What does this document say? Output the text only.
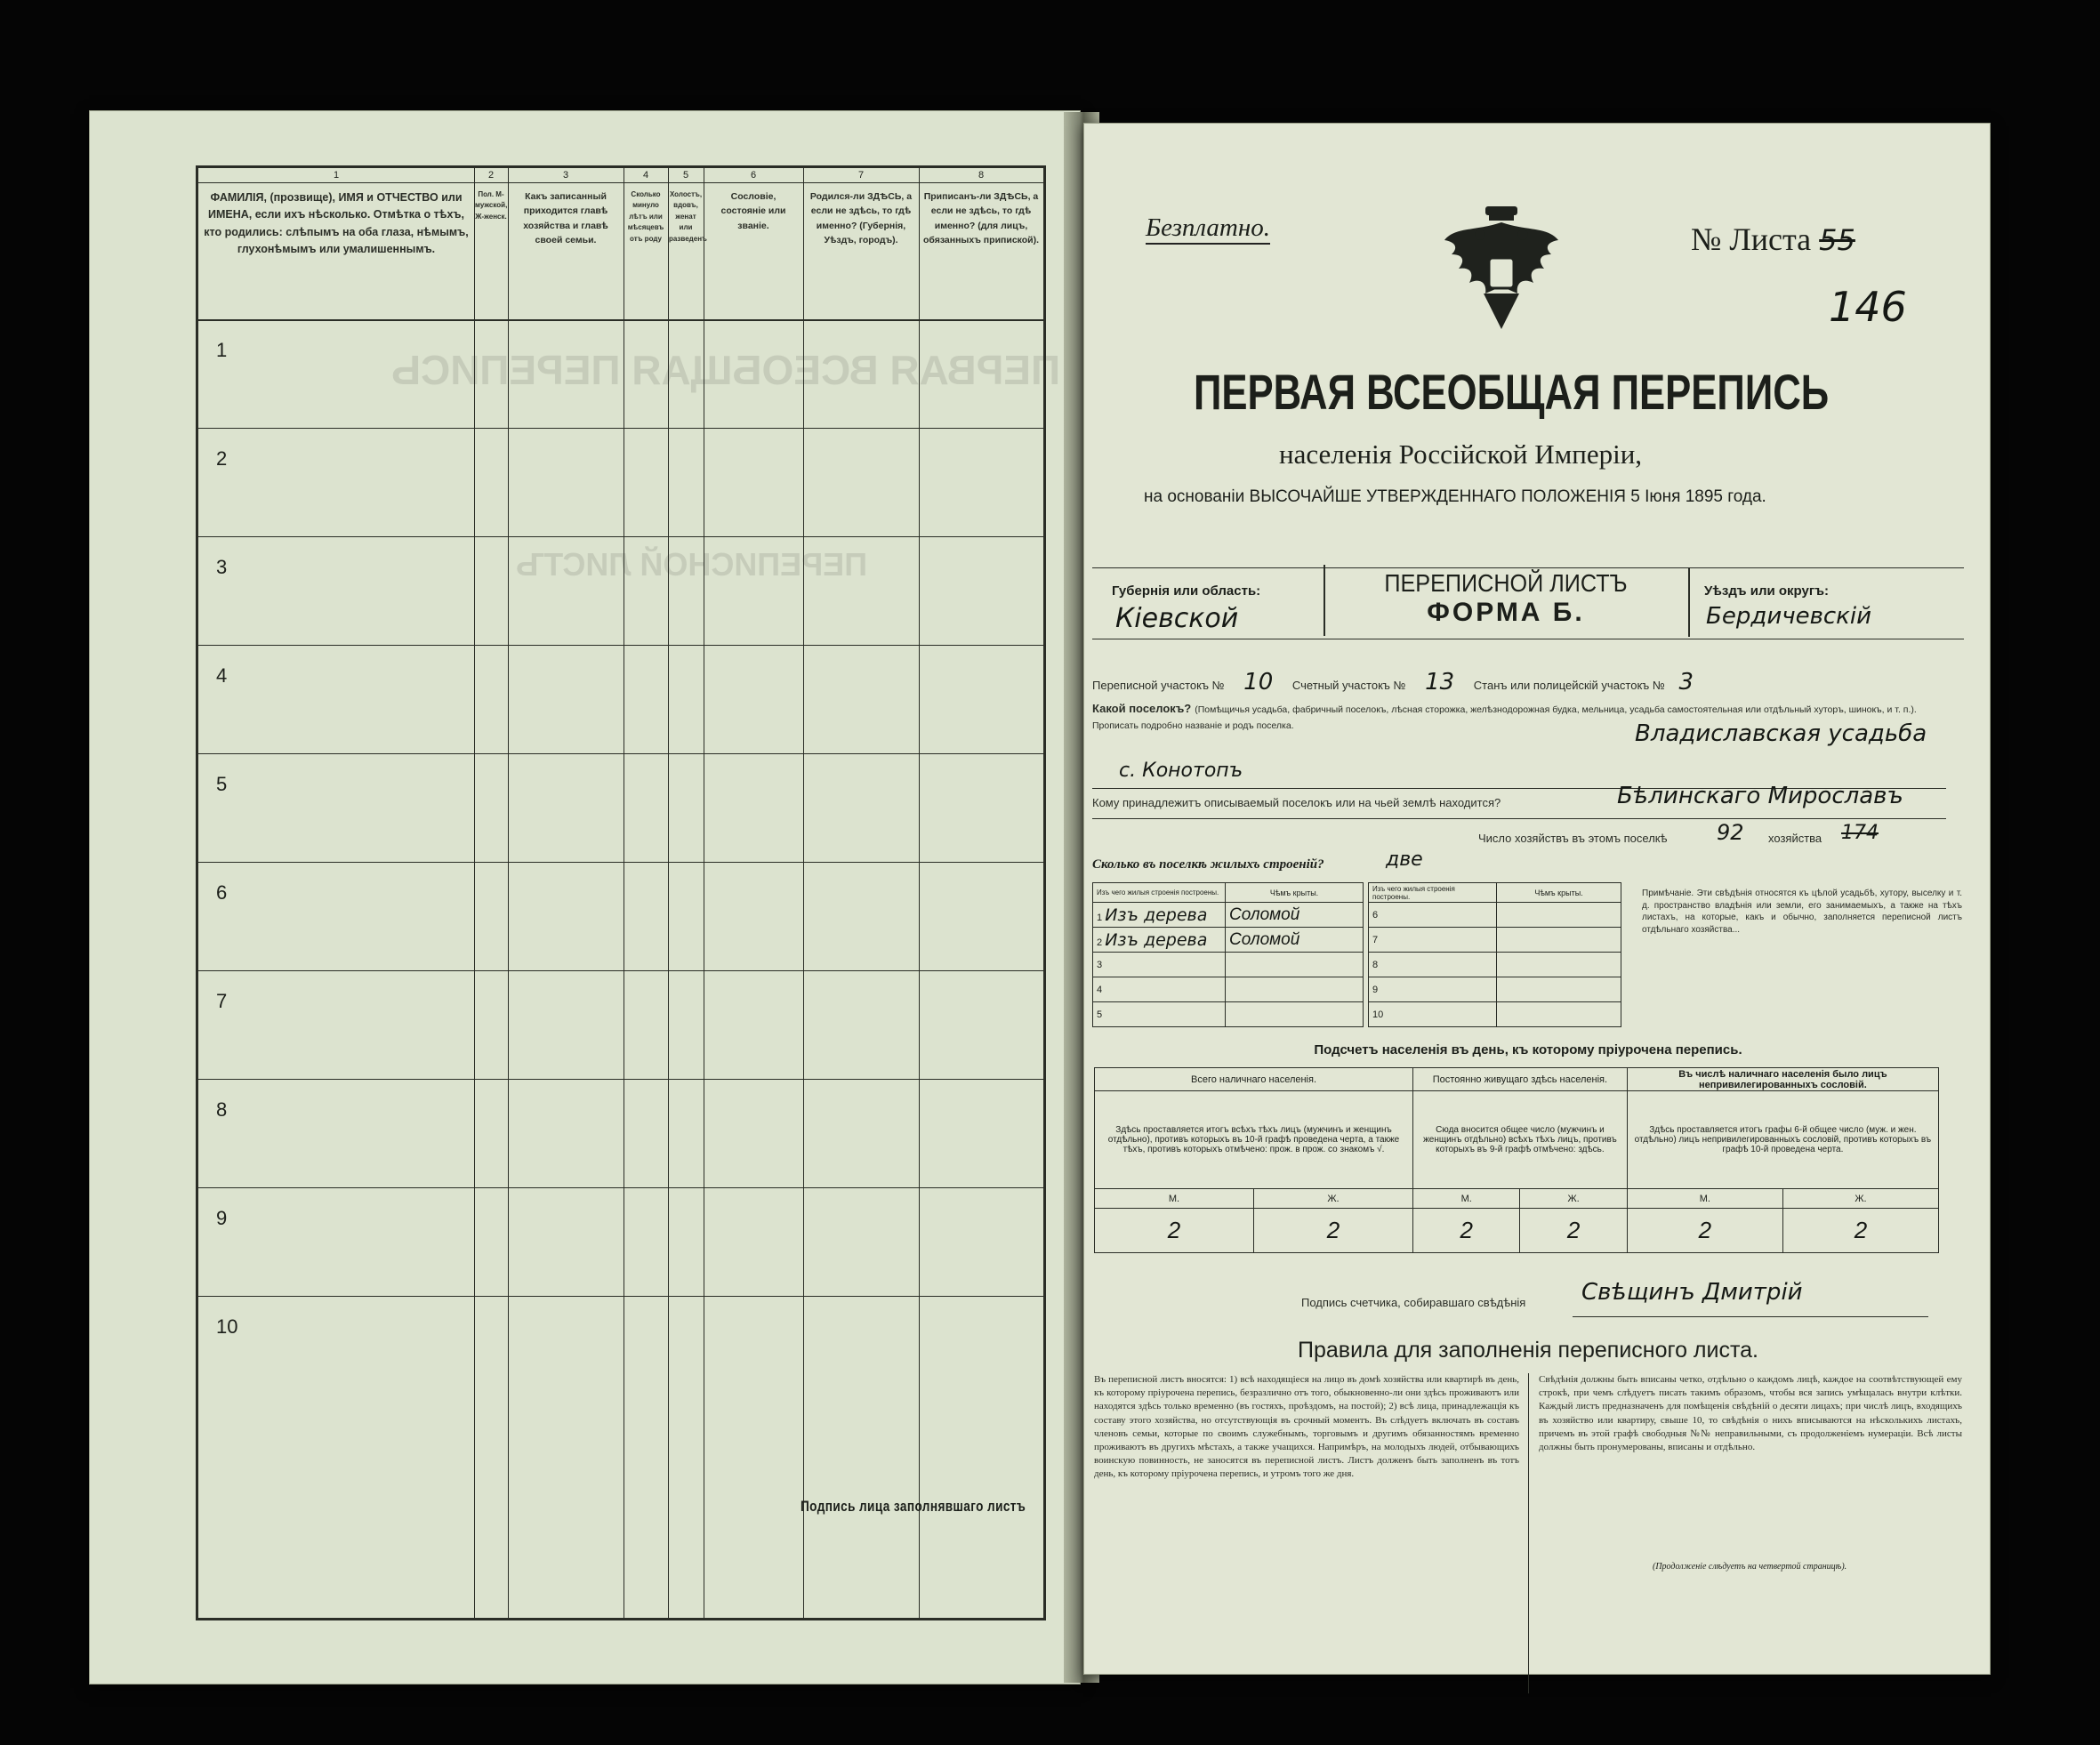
ПЕРВАЯ ВСЕОБЩАЯ ПЕРЕПИСЬ
ПЕРЕПИСНОЙ ЛИСТЪ
1	2	3	4	5	6	7	8
ФАМИЛІЯ, (прозвище), ИМЯ и ОТЧЕСТВО или ИМЕНА, если ихъ нѣсколько. Отмѣтка о тѣхъ, кто родились: слѣпымъ на оба глаза, нѣмымъ, глухонѣмымъ или умалишеннымъ.
Пол. М-мужской, Ж-женск.
Какъ записанный приходится главѣ хозяйства и главѣ своей семьи.
Сколько минуло лѣтъ или мѣсяцевъ отъ роду
Холостъ, вдовъ, женат или разведенъ
Сословіе, состояніе или званіе.
Родился-ли ЗДѢСЬ, а если не здѣсь, то гдѣ именно? (Губернія, Уѣздъ, городъ).
Приписанъ-ли ЗДѢСЬ, а если не здѣсь, то гдѣ именно? (для лицъ, обязанныхъ припиской).
1
2
3
4
5
6
7
8
9
10
Подпись лица заполнявшаго листъ
Безплатно.	№ Листа 55
146
ПЕРВАЯ ВСЕОБЩАЯ ПЕРЕПИСЬ
населенія Россійской Имперіи,
на основаніи ВЫСОЧАЙШЕ УТВЕРЖДЕННАГО ПОЛОЖЕНІЯ 5 Іюня 1895 года.
Губернія или область:
Кіевской
ПЕРЕПИСНОЙ ЛИСТЪ
ФОРМА Б.
Уѣздъ или округъ:
Бердичевскій
Переписной участокъ № 10 Счетный участокъ № 13 Станъ или полицейскій участокъ № 3
Какой поселокъ? (Помѣщичья усадьба, фабричный поселокъ, лѣсная сторожка, желѣзнодорожная будка, мельница, усадьба самостоятельная или отдѣльный хуторъ, шинокъ, и т. п.). Прописать подробно названіе и родъ поселка.	Владиславская усадьба
с. Конотопъ
Кому принадлежитъ описываемый поселокъ или на чьей землѣ находится?	Бѣлинскаго Мирославъ
Число хозяйствъ въ этомъ поселкѣ 92 хозяйства 174
Сколько въ поселкѣ жилыхъ строеній?	две
Изъ чего жилыя строенія построены.	Чѣмъ крыты.
1 Изъ дерева	Соломой
2 Изъ дерева	Соломой
3	
4	
5	
Изъ чего жилыя строенія построены.	Чѣмъ крыты.
6	
7	
8	
9	
10	
Примѣчаніе. Эти свѣдѣнія относятся къ цѣлой усадьбѣ, хутору, выселку и т. д. пространство владѣнія или земли, его занимаемыхъ, а также на тѣхъ листахъ, на которые, какъ и обычно, заполняется переписной листъ отдѣльнаго хозяйства...
Подсчетъ населенія въ день, къ которому пріурочена перепись.
Всего наличнаго населенія.		Постоянно живущаго здѣсь населенія.		Въ числѣ наличнаго населенія было лицъ непривилегированныхъ сословій.	
Здѣсь проставляется итогъ всѣхъ тѣхъ лицъ (мужчинъ и женщинъ отдѣльно), противъ которыхъ въ 10-й графѣ проведена черта, а также тѣхъ, противъ которыхъ отмѣчено: прож. в прож. со знакомъ √.		Сюда вносится общее число (мужчинъ и женщинъ отдѣльно) всѣхъ тѣхъ лицъ, противъ которыхъ въ 9-й графѣ отмѣчено: здѣсь.		Здѣсь проставляется итогъ графы 6-й общее число (муж. и жен. отдѣльно) лицъ непривилегированныхъ сословій, противъ которыхъ въ графѣ 10-й проведена черта.	
М.	Ж.	М.	Ж.	М.	Ж.
2	2	2	2	2	2
Подпись счетчика, собиравшаго свѣдѣнія Свѣщинъ Дмитрій
Правила для заполненія переписного листа.
Въ переписной листъ вносятся: 1) всѣ находящіеся на лицо въ домѣ хозяйства или квартирѣ въ день, къ которому пріурочена перепись, безразлично отъ того, обыкновенно-ли они здѣсь проживаютъ или находятся здѣсь только временно (въ гостяхъ, проѣздомъ, на постой); 2) всѣ лица, принадлежащія къ составу этого хозяйства, но отсутствующія въ срочный моментъ. Въ слѣдуетъ включать въ составъ членовъ семьи, которые по своимъ служебнымъ, торговымъ и другимъ обязанностямъ временно проживаютъ въ другихъ мѣстахъ, а также учащихся. Напримѣръ, на молодыхъ людей, отбывающихъ воинскую повинность, не заносятся въ переписной листъ. Листъ долженъ быть заполненъ въ тотъ день, къ которому пріурочена перепись, и утромъ того же дня.
Свѣдѣнія должны быть вписаны четко, отдѣльно о каждомъ лицѣ, каждое на соотвѣтствующей ему строкѣ, при чемъ слѣдуетъ писать такимъ образомъ, чтобы вся запись умѣщалась внутри клѣтки. Каждый листъ предназначенъ для помѣщенія свѣдѣній о десяти лицахъ; при числѣ лицъ, входящихъ въ хозяйство или квартиру, свыше 10, то свѣдѣнія о нихъ вписываются на нѣсколькихъ листахъ, причемъ въ этой графѣ свободныя №№ неправильными, съ продолженіемъ нумераціи. Всѣ листы должны быть пронумерованы, вписаны и отдѣльно.
(Продолженіе слѣдуетъ на четвертой страницѣ).
